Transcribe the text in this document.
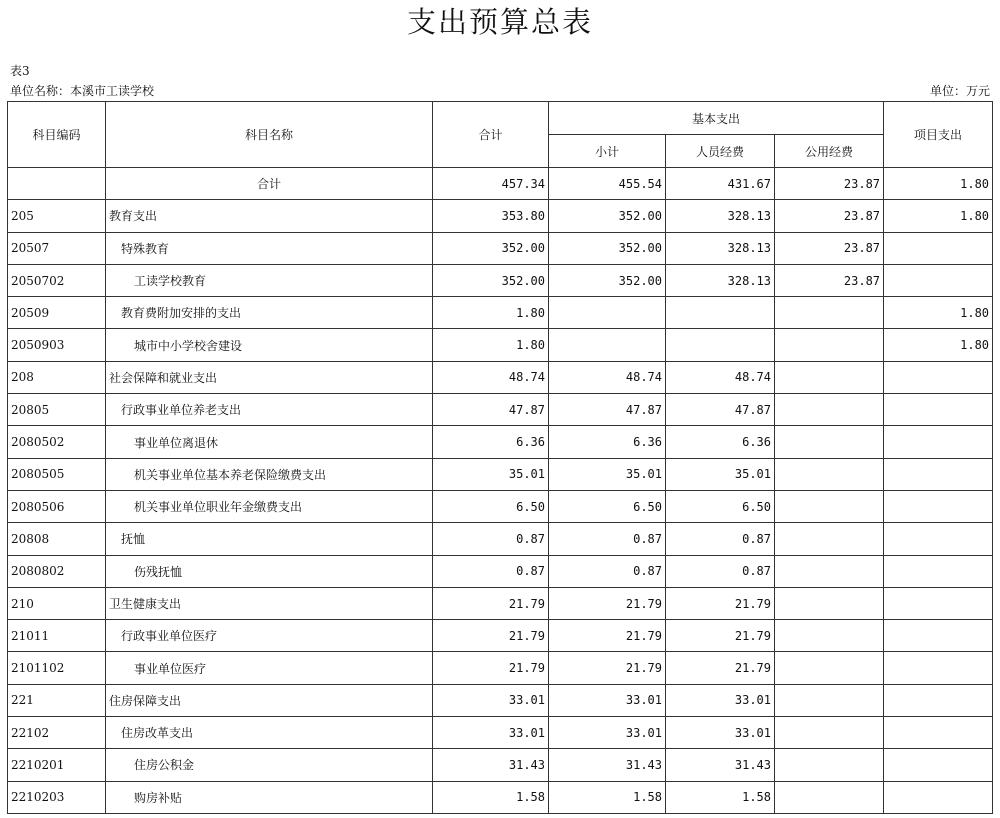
支出预算总表
表3
单位名称：本溪市工读学校	单位：万元
科目编码	科目名称	合计	基本支出			项目支出
			小计	人员经费	公用经费	
	合计	457.34	455.54	431.67	23.87	1.80
205	教育支出	353.80	352.00	328.13	23.87	1.80
20507	特殊教育	352.00	352.00	328.13	23.87	
2050702	工读学校教育	352.00	352.00	328.13	23.87	
20509	教育费附加安排的支出	1.80				1.80
2050903	城市中小学校舍建设	1.80				1.80
208	社会保障和就业支出	48.74	48.74	48.74		
20805	行政事业单位养老支出	47.87	47.87	47.87		
2080502	事业单位离退休	6.36	6.36	6.36		
2080505	机关事业单位基本养老保险缴费支出	35.01	35.01	35.01		
2080506	机关事业单位职业年金缴费支出	6.50	6.50	6.50		
20808	抚恤	0.87	0.87	0.87		
2080802	伤残抚恤	0.87	0.87	0.87		
210	卫生健康支出	21.79	21.79	21.79		
21011	行政事业单位医疗	21.79	21.79	21.79		
2101102	事业单位医疗	21.79	21.79	21.79		
221	住房保障支出	33.01	33.01	33.01		
22102	住房改革支出	33.01	33.01	33.01		
2210201	住房公积金	31.43	31.43	31.43		
2210203	购房补贴	1.58	1.58	1.58		
